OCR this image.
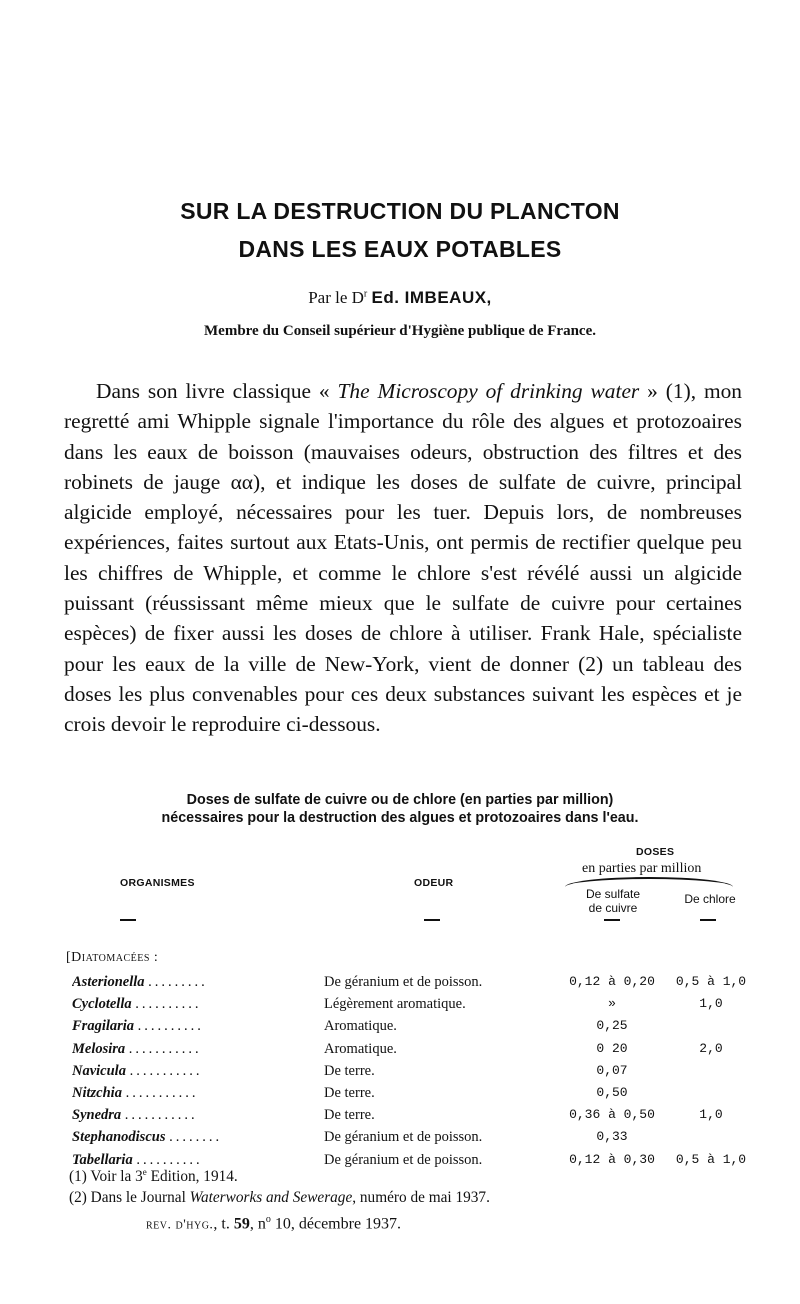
SUR LA DESTRUCTION DU PLANCTON
DANS LES EAUX POTABLES
Par le $D^r$ Ed. IMBEAUX,
Membre du Conseil supérieur d'Hygiène publique de France.

Dans son livre classique « The Microscopy of drinking water » (1), mon regretté ami Whipple signale l'importance du rôle des algues et protozoaires dans les eaux de boisson (mauvaises odeurs, obstruction des filtres et des robinets de jauge αα), et indique les doses de sulfate de cuivre, principal algicide employé, nécessaires pour les tuer. Depuis lors, de nombreuses expériences, faites surtout aux Etats-Unis, ont permis de rectifier quelque peu les chiffres de Whipple, et comme le chlore s'est révélé aussi un algicide puissant (réussissant même mieux que le sulfate de cuivre pour certaines espèces) de fixer aussi les doses de chlore à utiliser. Frank Hale, spécialiste pour les eaux de la ville de New-York, vient de donner (2) un tableau des doses les plus convenables pour ces deux substances suivant les espèces et je crois devoir le reproduire ci-dessous.

Doses de sulfate de cuivre ou de chlore (en parties par million)
nécessaires pour la destruction des algues et protozoaires dans l'eau.
ORGANISMES	ODEUR
DOSES
en parties par million
De sulfate
de cuivre
De chlore
[Diatomacées :
Asterionella .........	De géranium et de poisson.	0,12 à 0,20	0,5 à 1,0
Cyclotella ..........	Légèrement aromatique.	»	1,0
Fragilaria ..........	Aromatique.	0,25
Melosira ...........	Aromatique.	0 20	2,0
Navicula ...........	De terre.	0,07
Nitzchia ...........	De terre.	0,50
Synedra ...........	De terre.	0,36 à 0,50	1,0
Stephanodiscus ........	De géranium et de poisson.	0,33
Tabellaria ..........	De géranium et de poisson.	0,12 à 0,30	0,5 à 1,0
(1) Voir la 3e Edition, 1914.
(2) Dans le Journal Waterworks and Sewerage, numéro de mai 1937.
rev. d'hyg., t. 59, $n^o$ 10, décembre 1937.
